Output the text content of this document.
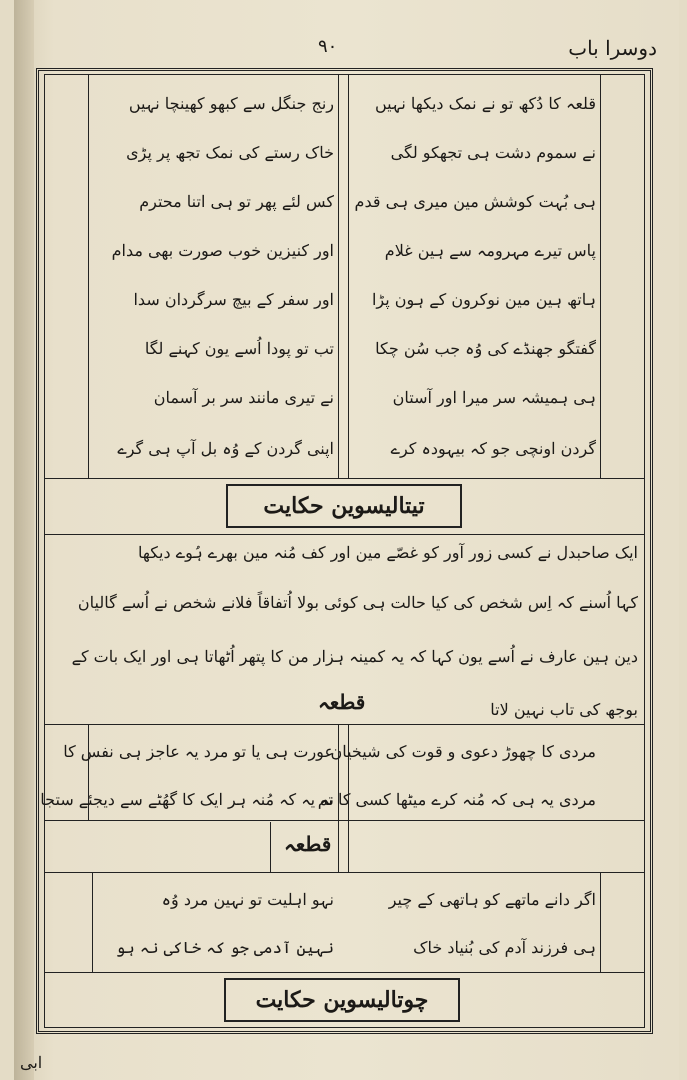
دوسرا باب
۹۰
قلعہ کا دُکھ تو نے نمک دیکھا نہیں
نے سموم دشت ہی تجھکو لگی
ہی بُہت کوشش مین میری ہی قدم
پاس تیرے مہرومہ سے ہین غلام
ہاتھ ہین مین نوکرون کے ہون پڑا
گفتگو جھنڈے کی وُہ جب سُن چکا
ہی ہمیشہ سر میرا اور آستان
گردن اونچی جو کہ بیہودہ کرے
رنج جنگل سے کبھو کھینچا نہیں
خاک رستے کی نمک تجھ پر پڑی
کس لئے پھر تو ہی اتنا محترم
اور کنیزین خوب صورت بھی مدام
اور سفر کے بیچ سرگردان سدا
تب تو پودا اُسے یون کہنے لگا
نے تیری مانند سر بر آسمان
اپنی گردن کے وُہ بل آپ ہی گرے
تیتالیسوین حکایت
ایک صاحبدل نے کسی زور آور کو غصّے مین اور کف مُنہ مین بھرے ہُوے دیکھا
کہا اُسنے کہ اِس شخص کی کیا حالت ہی کوئی بولا اُتفاقاً فلانے شخص نے اُسے گالیان
دین ہین عارف نے اُسے یون کہا کہ یہ کمینہ ہزار من کا پتھر اُٹھاتا ہی اور ایک بات کے
بوجھ کی تاب نہین لاتا
قطعہ
مردی کا چھوڑ دعوی و قوت کی شیخیان
مردی یہ ہی کہ مُنہ کرے میٹھا کسی کا تم
عورت ہی یا تو مرد یہ عاجز ہی نفس کا
نہ یہ کہ مُنہ ہر ایک کا گھُٹے سے دیجئے ستجا
قطعہ
اگر دانے ماتھے کو ہاتھی کے چیر
ہی فرزند آدم کی بُنیاد خاک
نہو اہلیت تو نہین مرد وُہ
نہین آدمی جو کہ خاکی نہ ہو
چوتالیسوین حکایت
ابی
